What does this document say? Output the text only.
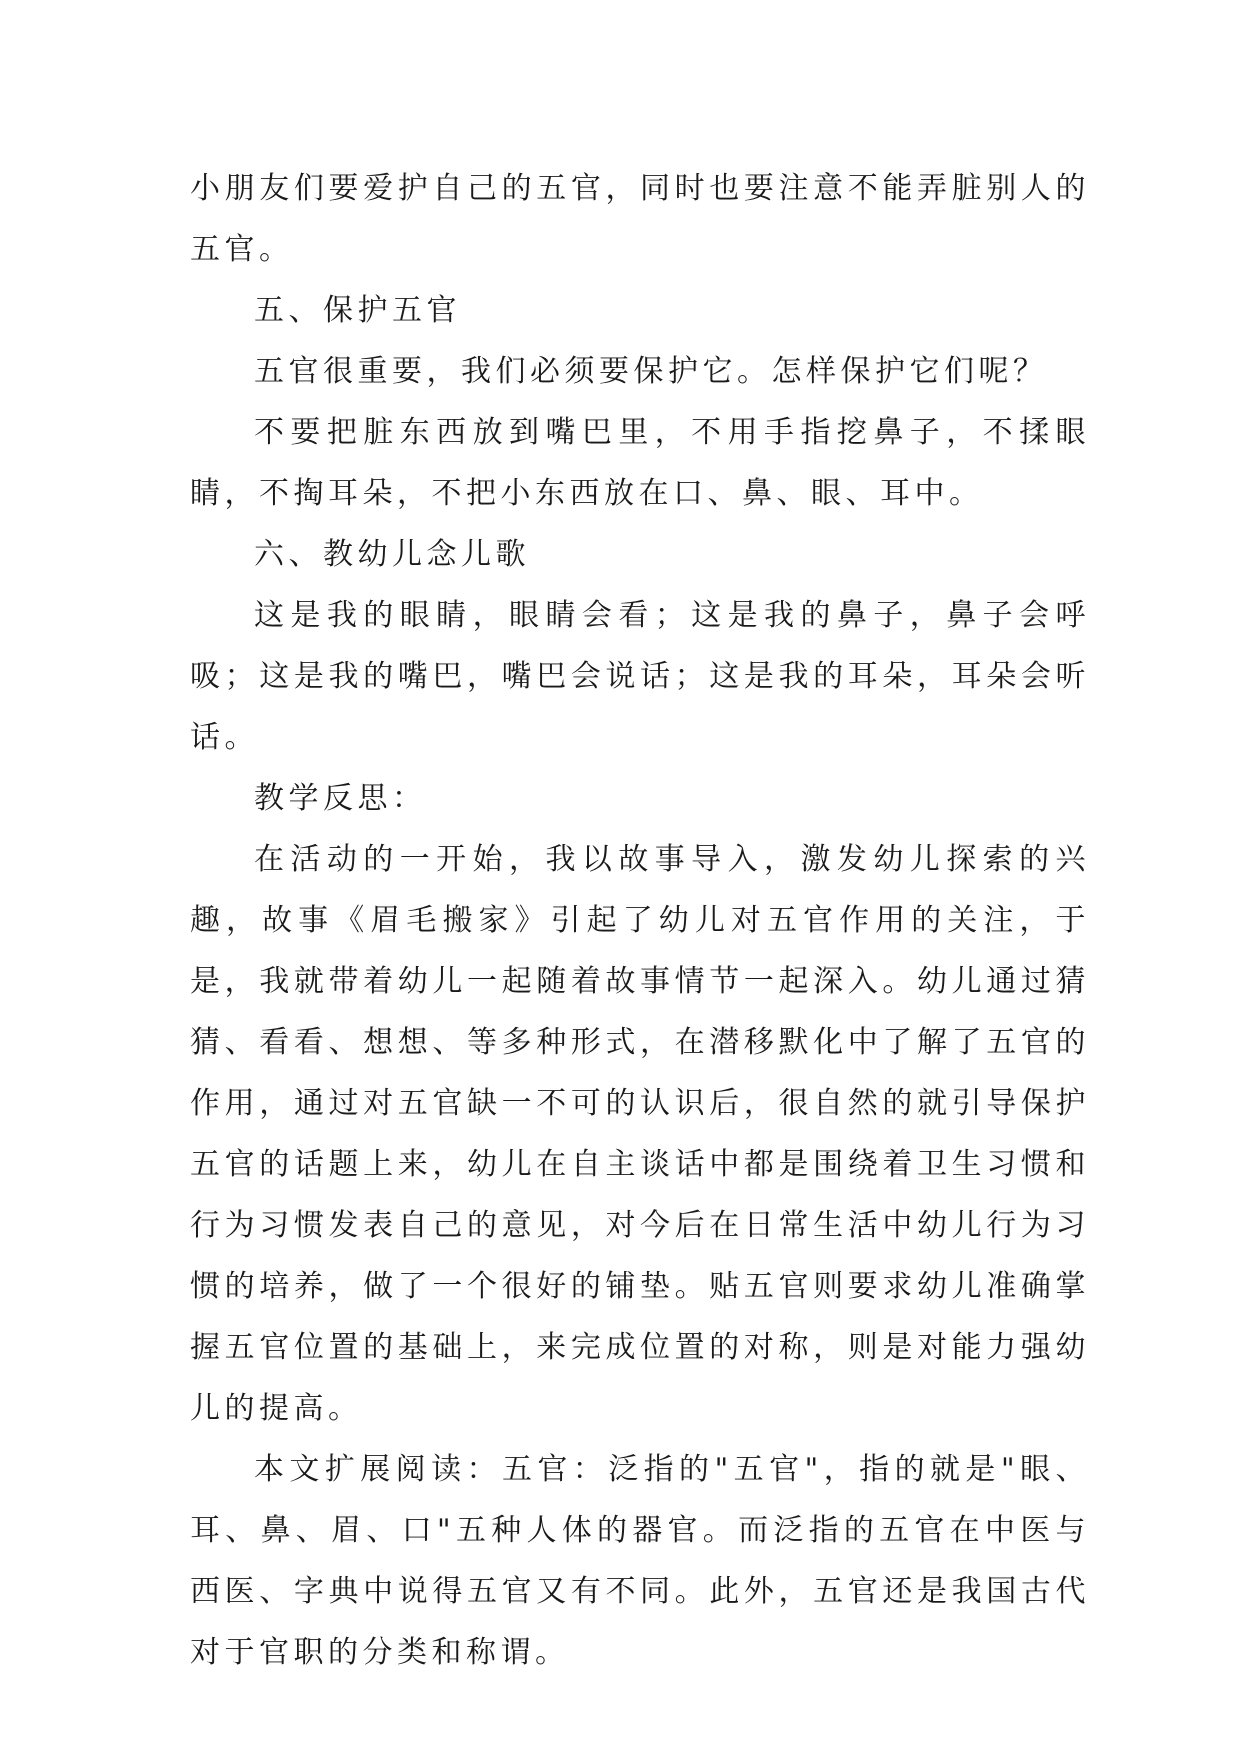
小朋友们要爱护自己的五官，同时也要注意不能弄脏别人的五官。

五、保护五官

五官很重要，我们必须要保护它。怎样保护它们呢？

不要把脏东西放到嘴巴里，不用手指挖鼻子，不揉眼睛，不掏耳朵，不把小东西放在口、鼻、眼、耳中。

六、教幼儿念儿歌

这是我的眼睛，眼睛会看；这是我的鼻子，鼻子会呼吸；这是我的嘴巴，嘴巴会说话；这是我的耳朵，耳朵会听话。

教学反思：

在活动的一开始，我以故事导入，激发幼儿探索的兴趣，故事《眉毛搬家》引起了幼儿对五官作用的关注，于是，我就带着幼儿一起随着故事情节一起深入。幼儿通过猜猜、看看、想想、等多种形式，在潜移默化中了解了五官的作用，通过对五官缺一不可的认识后，很自然的就引导保护五官的话题上来，幼儿在自主谈话中都是围绕着卫生习惯和行为习惯发表自己的意见，对今后在日常生活中幼儿行为习惯的培养，做了一个很好的铺垫。贴五官则要求幼儿准确掌握五官位置的基础上，来完成位置的对称，则是对能力强幼儿的提高。

本文扩展阅读：五官：泛指的"五官"，指的就是"眼、耳、鼻、眉、口"五种人体的器官。而泛指的五官在中医与西医、字典中说得五官又有不同。此外，五官还是我国古代对于官职的分类和称谓。
